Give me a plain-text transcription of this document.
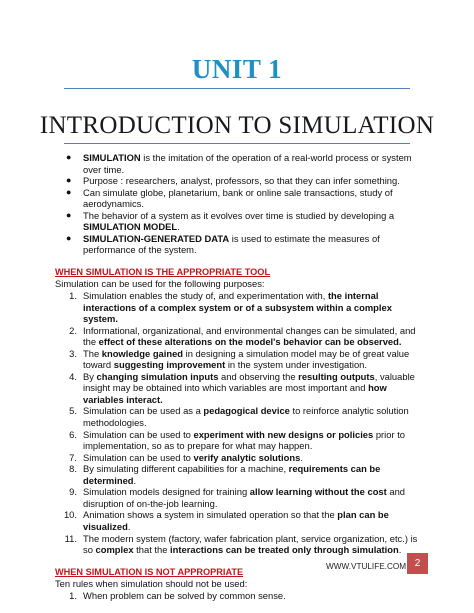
UNIT 1
INTRODUCTION TO SIMULATION
● SIMULATION is the imitation of the operation of a real-world process or system over time.
● Purpose : researchers, analyst, professors, so that they can infer something.
● Can simulate globe, planetarium, bank or online sale transactions, study of aerodynamics.
● The behavior of a system as it evolves over time is studied by developing a SIMULATION MODEL.
● SIMULATION-GENERATED DATA is used to estimate the measures of performance of the system.
WHEN SIMULATION IS THE APPROPRIATE TOOL
Simulation can be used for the following purposes:
1. Simulation enables the study of, and experimentation with, the internal interactions of a complex system or of a subsystem within a complex system.
2. Informational, organizational, and environmental changes can be simulated, and the effect of these alterations on the model's behavior can be observed.
3. The knowledge gained in designing a simulation model may be of great value toward suggesting improvement in the system under investigation.
4. By changing simulation inputs and observing the resulting outputs, valuable insight may be obtained into which variables are most important and how variables interact.
5. Simulation can be used as a pedagogical device to reinforce analytic solution methodologies.
6. Simulation can be used to experiment with new designs or policies prior to implementation, so as to prepare for what may happen.
7. Simulation can be used to verify analytic solutions.
8. By simulating different capabilities for a machine, requirements can be determined.
9. Simulation models designed for training allow learning without the cost and disruption of on-the-job learning.
10. Animation shows a system in simulated operation so that the plan can be visualized.
11. The modern system (factory, wafer fabrication plant, service organization, etc.) is so complex that the interactions can be treated only through simulation.
WHEN SIMULATION IS NOT APPROPRIATE
Ten rules when simulation should not be used:
1. When problem can be solved by common sense.
WWW.VTULIFE.COM 2
